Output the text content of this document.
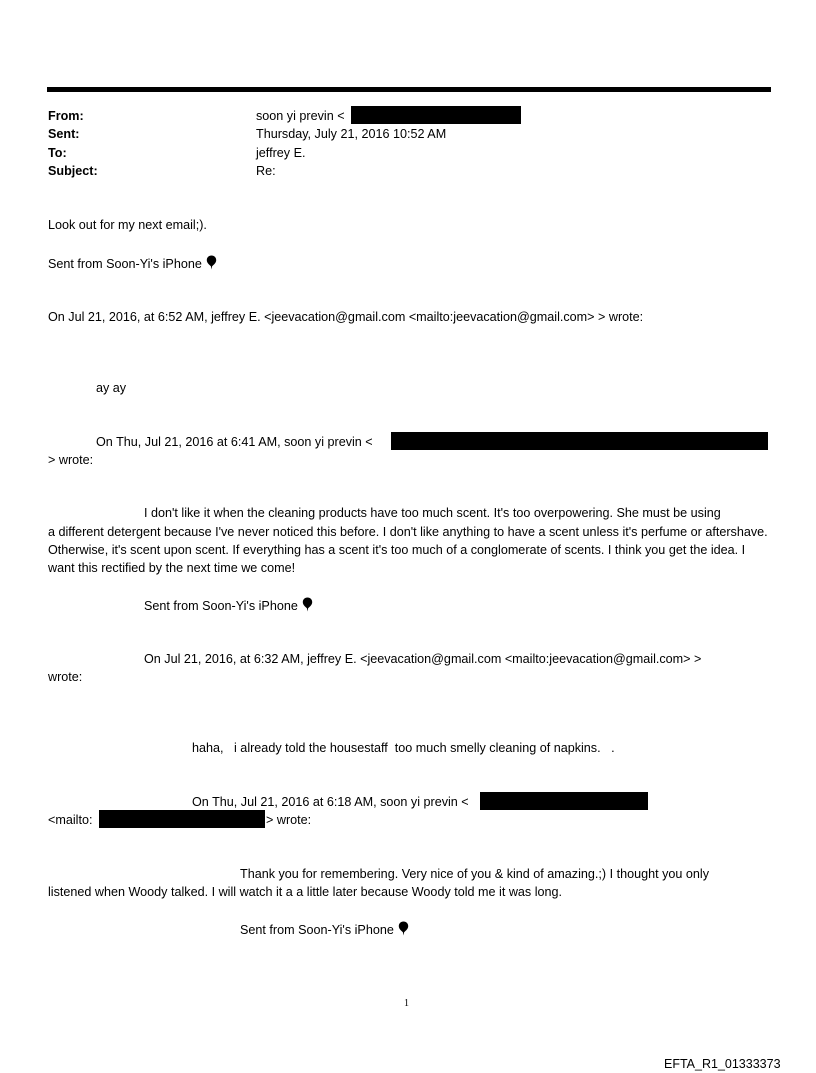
From:	soon yi previn <
Sent:	Thursday, July 21, 2016 10:52 AM
To:	jeffrey E.
Subject:	Re:
Look out for my next email;).
Sent from Soon-Yi's iPhone
On Jul 21, 2016, at 6:52 AM, jeffrey E. <jeevacation@gmail.com <mailto:jeevacation@gmail.com> > wrote:
ay ay
On Thu, Jul 21, 2016 at 6:41 AM, soon yi previn <
> wrote:
I don't like it when the cleaning products have too much scent. It's too overpowering. She must be using
a different detergent because I've never noticed this before. I don't like anything to have a scent unless it's perfume or aftershave. Otherwise, it's scent upon scent. If everything has a scent it's too much of a conglomerate of scents. I think you get the idea. I want this rectified by the next time we come!
Sent from Soon-Yi's iPhone
On Jul 21, 2016, at 6:32 AM, jeffrey E. <jeevacation@gmail.com <mailto:jeevacation@gmail.com> >
wrote:
haha,   i already told the housestaff  too much smelly cleaning of napkins.   .
On Thu, Jul 21, 2016 at 6:18 AM, soon yi previn <
<mailto:	> wrote:
Thank you for remembering. Very nice of you & kind of amazing.;) I thought you only
listened when Woody talked. I will watch it a a little later because Woody told me it was long.
Sent from Soon-Yi's iPhone
1
EFTA_R1_01333373
